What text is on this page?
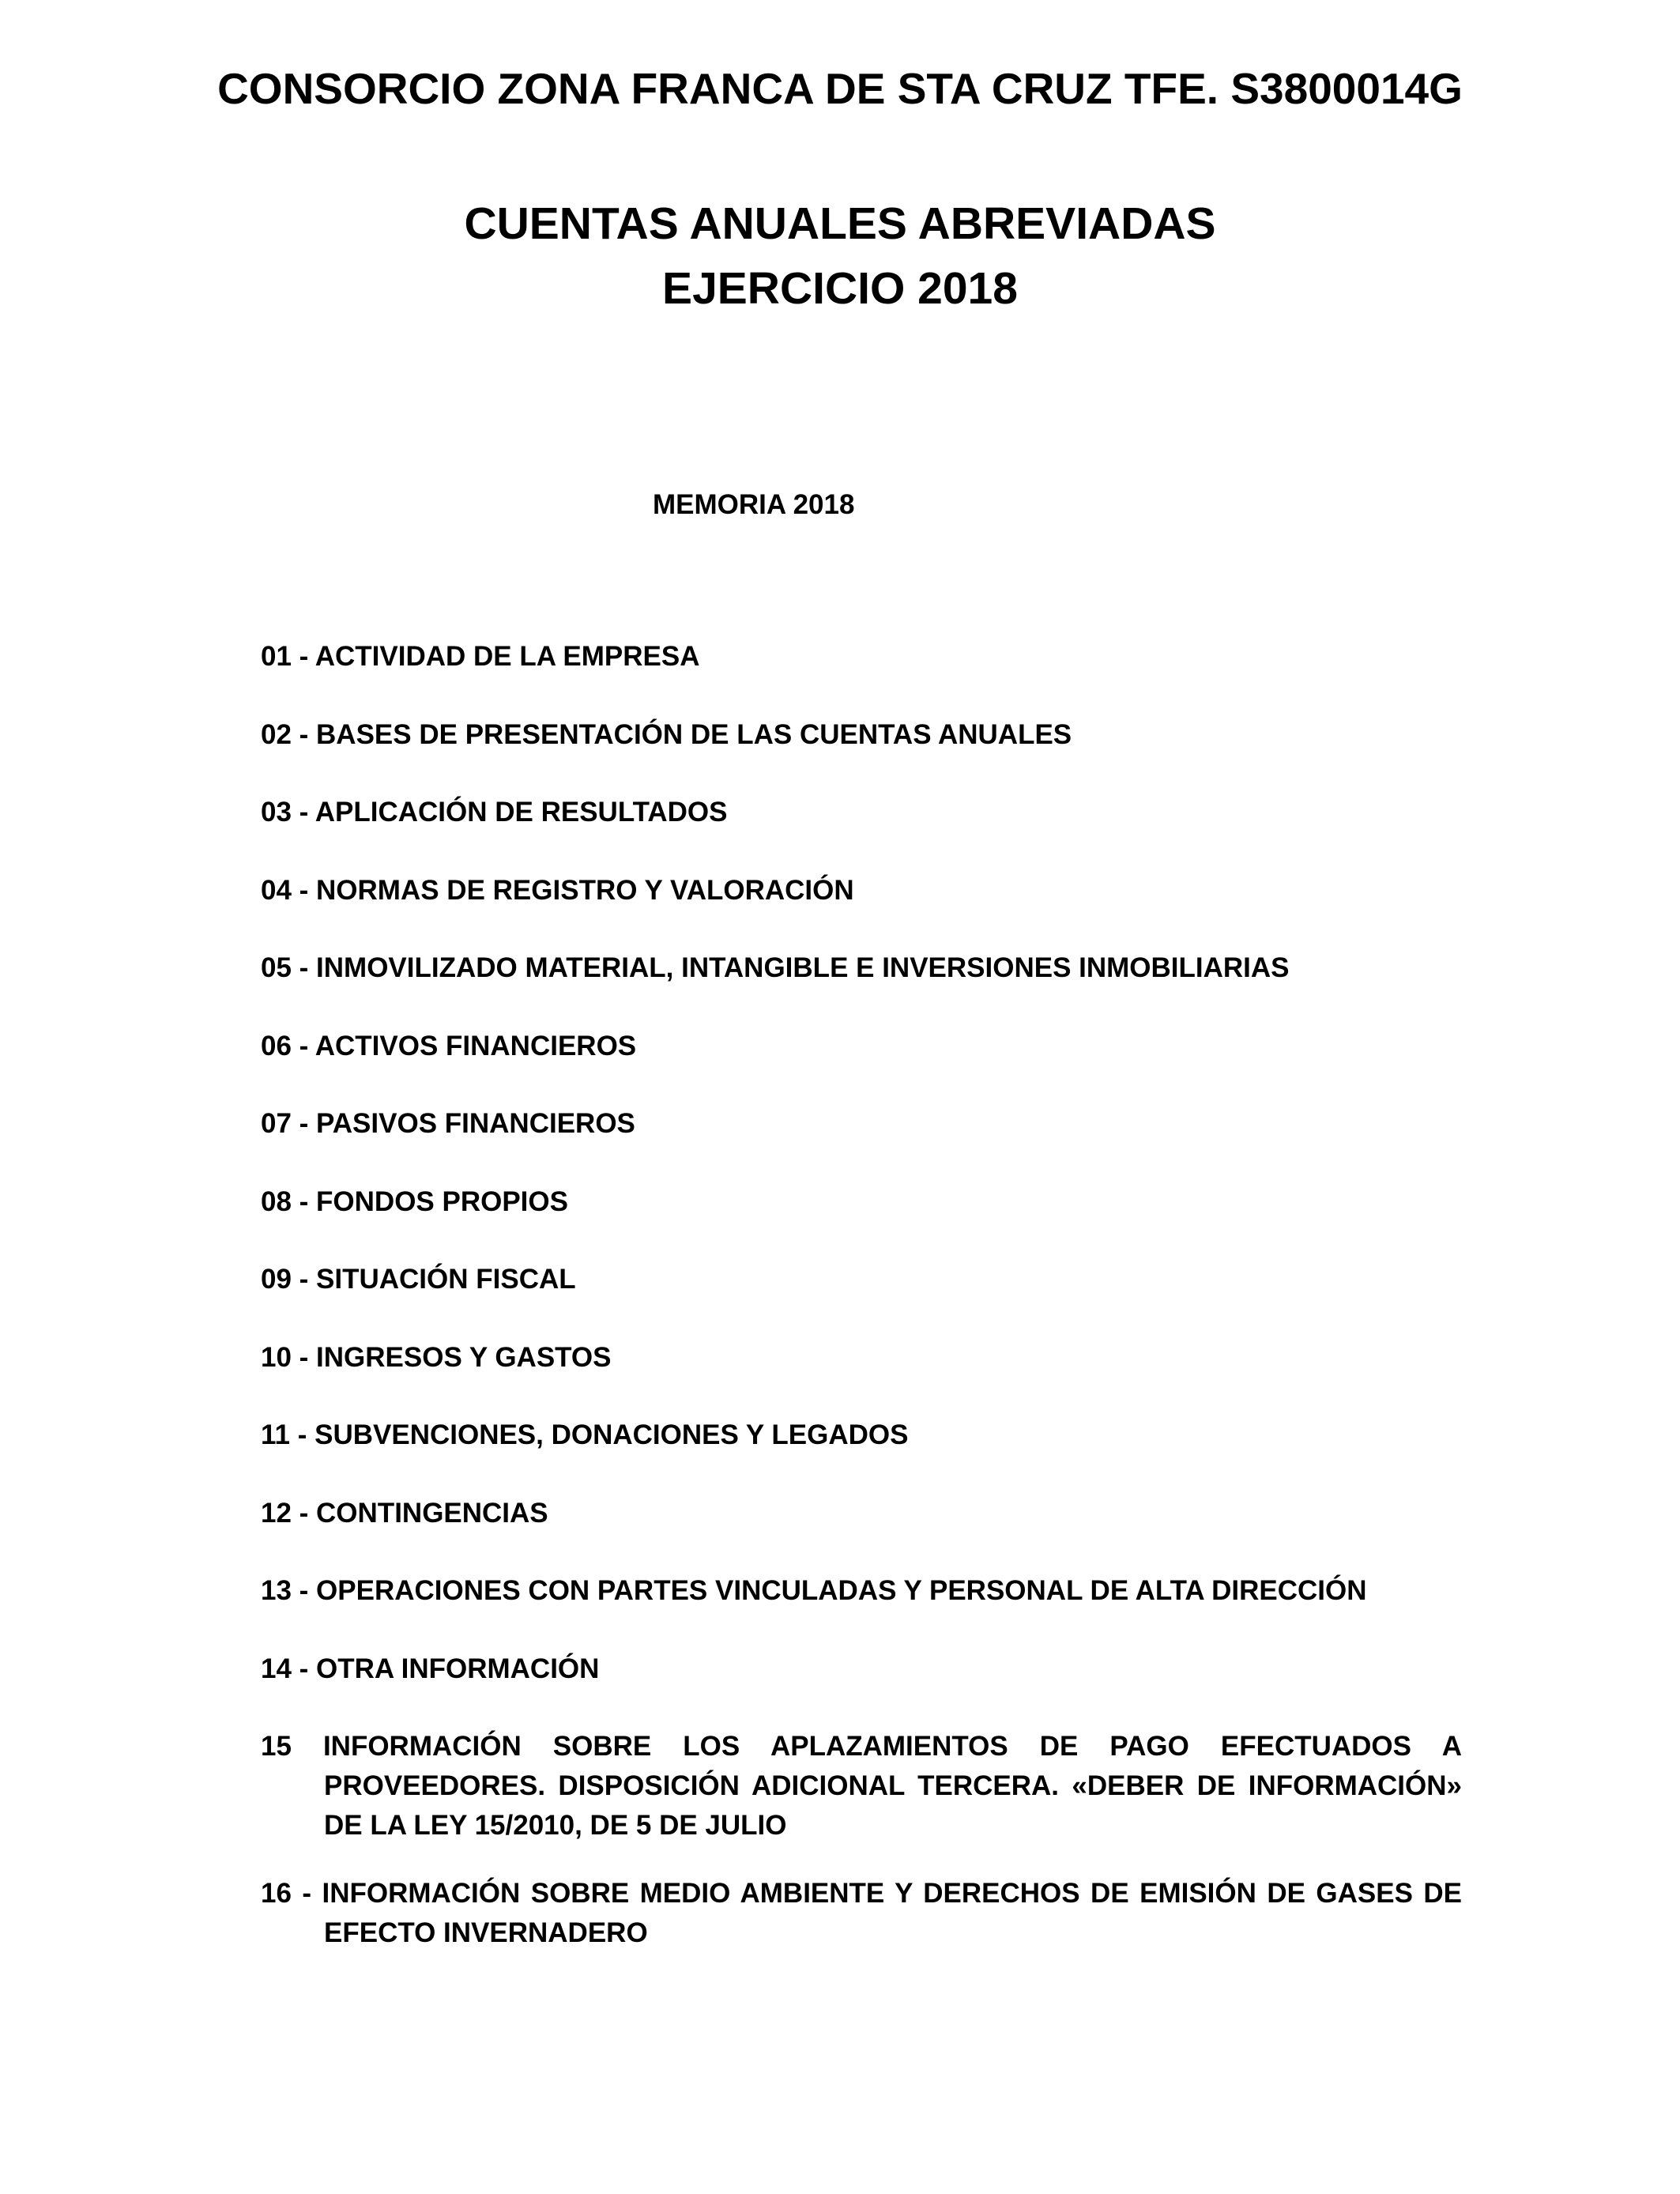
CONSORCIO ZONA FRANCA DE STA CRUZ TFE. S3800014G
CUENTAS ANUALES ABREVIADAS
EJERCICIO 2018
MEMORIA 2018
01 - ACTIVIDAD DE LA EMPRESA
02 - BASES DE PRESENTACIÓN DE LAS CUENTAS ANUALES
03 - APLICACIÓN DE RESULTADOS
04 - NORMAS DE REGISTRO Y VALORACIÓN
05 - INMOVILIZADO MATERIAL, INTANGIBLE E INVERSIONES INMOBILIARIAS
06 - ACTIVOS FINANCIEROS
07 - PASIVOS FINANCIEROS
08 - FONDOS PROPIOS
09 - SITUACIÓN FISCAL
10 - INGRESOS Y GASTOS
11 - SUBVENCIONES, DONACIONES Y LEGADOS
12 - CONTINGENCIAS
13 - OPERACIONES CON PARTES VINCULADAS Y PERSONAL DE ALTA DIRECCIÓN
14 - OTRA INFORMACIÓN
15 INFORMACIÓN SOBRE LOS APLAZAMIENTOS DE PAGO EFECTUADOS A PROVEEDORES. DISPOSICIÓN ADICIONAL TERCERA. «DEBER DE INFORMACIÓN» DE LA LEY 15/2010, DE 5 DE JULIO
16 - INFORMACIÓN SOBRE MEDIO AMBIENTE Y DERECHOS DE EMISIÓN DE GASES DE EFECTO INVERNADERO
